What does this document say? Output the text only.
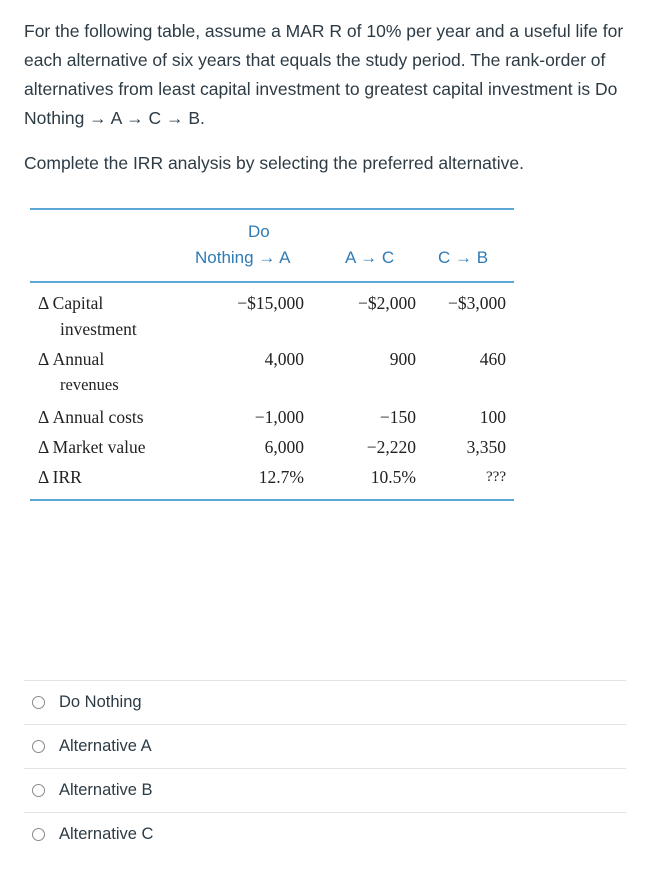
For the following table, assume a MAR R of 10% per year and a useful life for each alternative of six years that equals the study period. The rank-order of alternatives from least capital investment to greatest capital investment is Do Nothing → A → C → B.

Complete the IRR analysis by selecting the preferred alternative.

Do
Nothing → A	A → C	C → B
Δ Capital
investment
−$15,000	−$2,000 −$3,000
Δ Annual
revenues
4,000	900	460
Δ Annual costs	−1,000	−150	100
Δ Market value	6,000	−2,220	3,350
Δ IRR	12.7%	10.5%	???
Do Nothing
Alternative A
Alternative B
Alternative C
